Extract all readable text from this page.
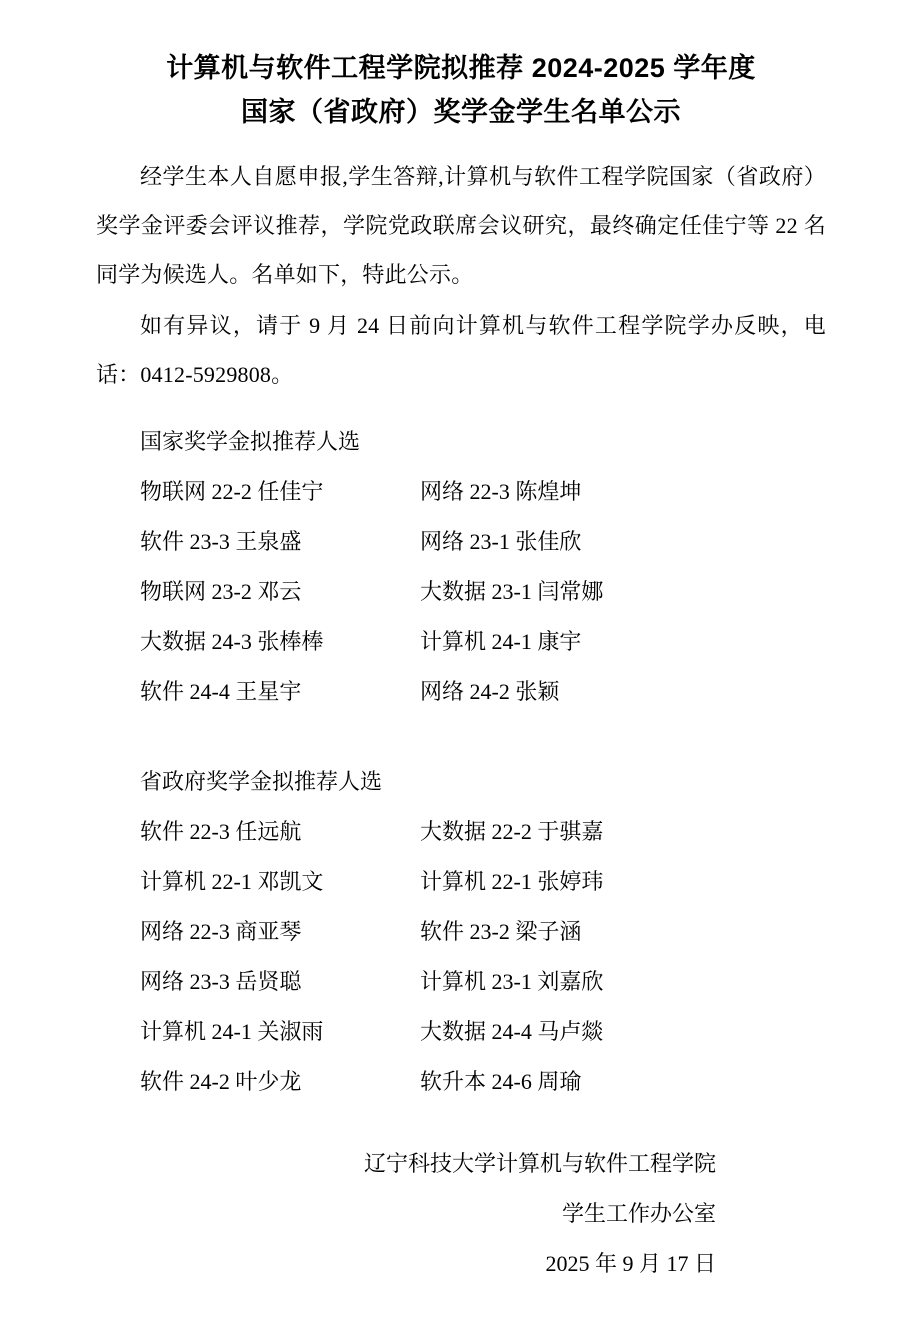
计算机与软件工程学院拟推荐 2024-2025 学年度
国家（省政府）奖学金学生名单公示

经学生本人自愿申报,学生答辩,计算机与软件工程学院国家（省政府）奖学金评委会评议推荐，学院党政联席会议研究，最终确定任佳宁等 22 名同学为候选人。名单如下，特此公示。

如有异议，请于 9 月 24 日前向计算机与软件工程学院学办反映，电话：0412-5929808。

国家奖学金拟推荐人选
物联网 22-2 任佳宁	网络 22-3 陈煌坤
软件 23-3 王泉盛	网络 23-1 张佳欣
物联网 23-2 邓云	大数据 23-1 闫常娜
大数据 24-3 张棒棒	计算机 24-1 康宇
软件 24-4 王星宇	网络 24-2 张颖
省政府奖学金拟推荐人选
软件 22-3 任远航	大数据 22-2 于骐嘉
计算机 22-1 邓凯文	计算机 22-1 张婷玮
网络 22-3 商亚琴	软件 23-2 梁子涵
网络 23-3 岳贤聪	计算机 23-1 刘嘉欣
计算机 24-1 关淑雨	大数据 24-4 马卢燚
软件 24-2 叶少龙	软升本 24-6 周瑜
辽宁科技大学计算机与软件工程学院
学生工作办公室
2025 年 9 月 17 日
